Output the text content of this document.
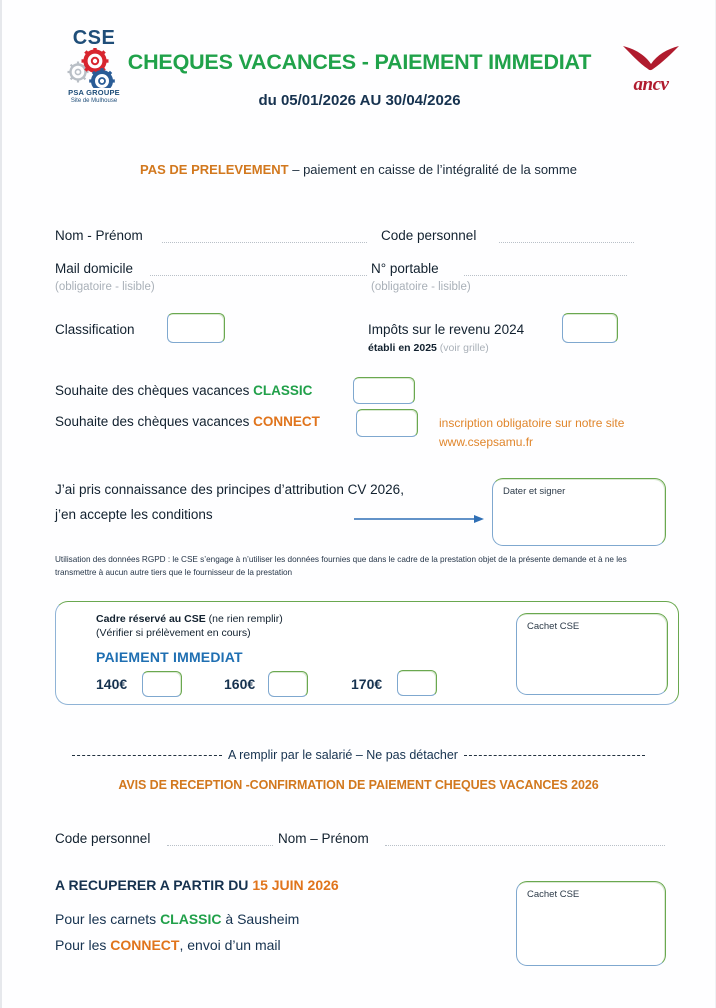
CSE
PSA GROUPE
Site de Mulhouse
CHEQUES VACANCES - PAIEMENT IMMEDIAT
du 05/01/2026 AU 30/04/2026
ancv
PAS DE PRELEVEMENT – paiement en caisse de l’intégralité de la somme
Nom - Prénom	Code personnel
Mail domicile
(obligatoire - lisible)
N° portable
(obligatoire - lisible)
Classification	Impôts sur le revenu 2024
établi en 2025 (voir grille)
Souhaite des chèques vacances CLASSIC
Souhaite des chèques vacances CONNECT	inscription obligatoire sur notre site
www.csepsamu.fr
J’ai pris connaissance des principes d’attribution CV 2026,
j’en accepte les conditions
Dater et signer
Utilisation des données RGPD : le CSE s’engage à n’utiliser les données fournies que dans le cadre de la prestation objet de la présente demande et à ne les transmettre à aucun autre tiers que le fournisseur de la prestation
Cadre réservé au CSE (ne rien remplir)
(Vérifier si prélèvement en cours)
PAIEMENT IMMEDIAT
140€	160€	170€
Cachet CSE
A remplir par le salarié – Ne pas détacher
AVIS DE RECEPTION -CONFIRMATION DE PAIEMENT CHEQUES VACANCES 2026
Code personnel	Nom – Prénom
A RECUPERER A PARTIR DU 15 JUIN 2026
Pour les carnets CLASSIC à Sausheim
Pour les CONNECT, envoi d’un mail
Cachet CSE
